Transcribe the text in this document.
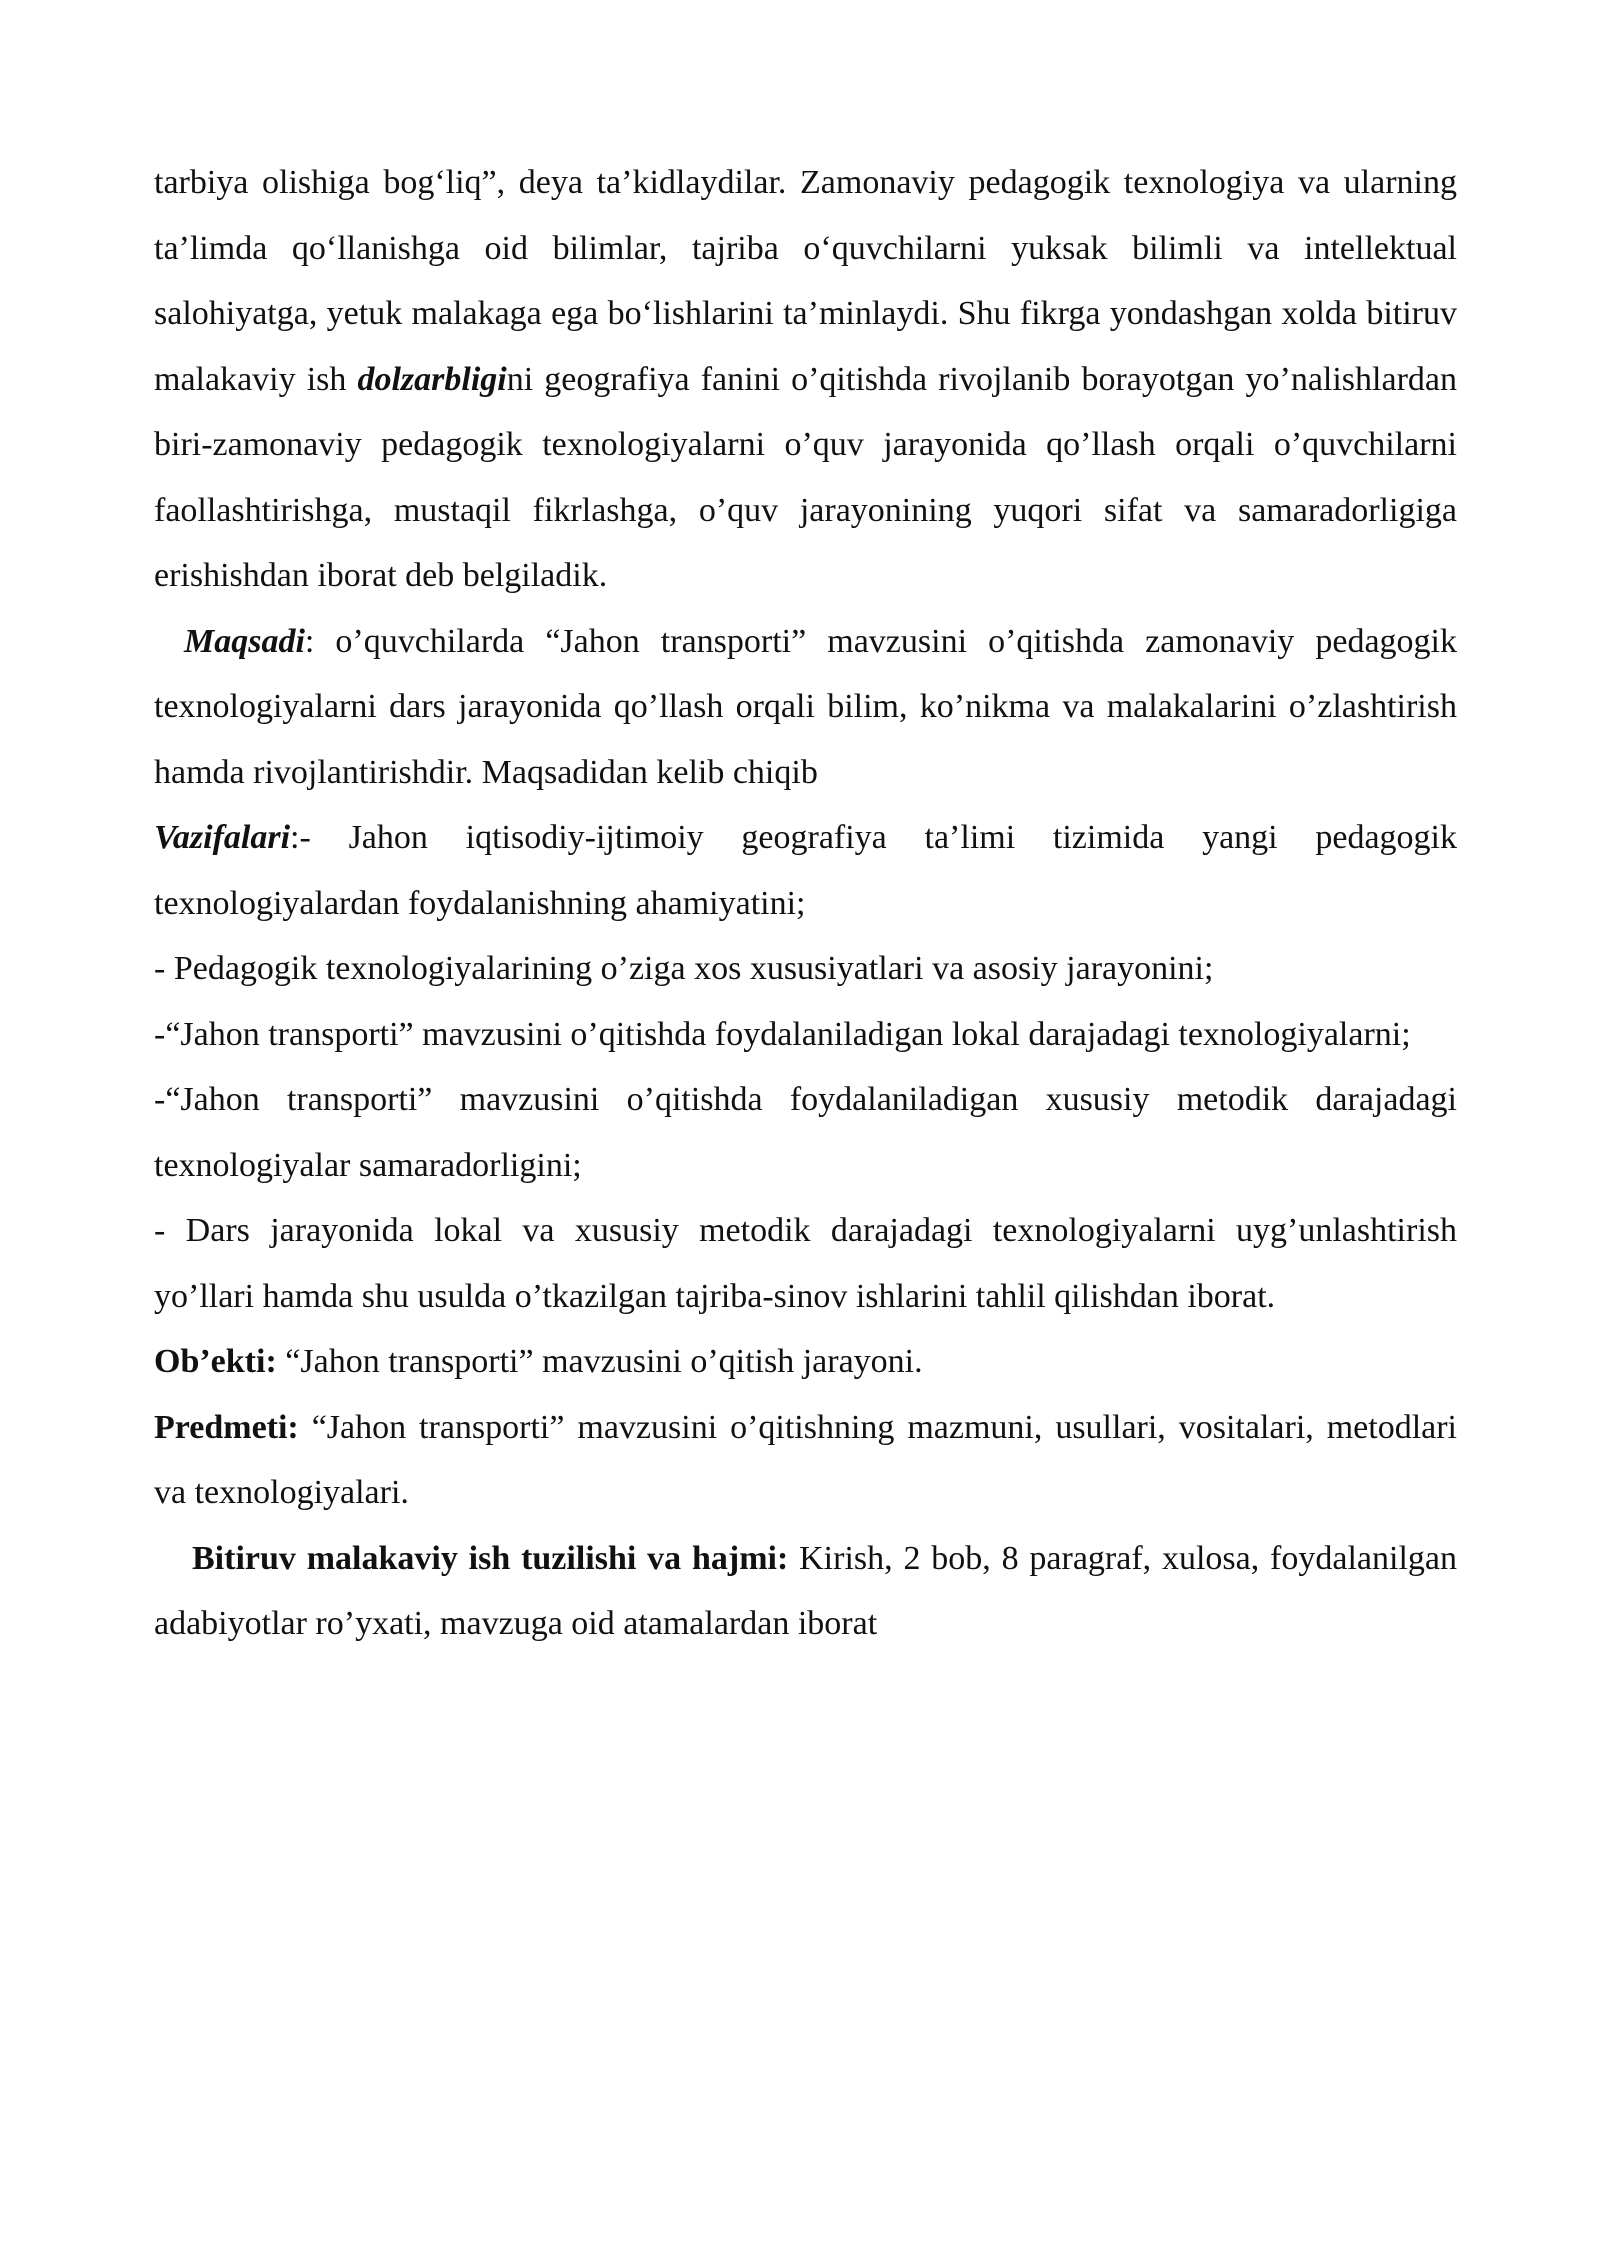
tarbiya olishiga bog‘liq”, deya ta’kidlaydilar. Zamonaviy pedagogik texnologiya va ularning ta’limda qo‘llanishga oid bilimlar, tajriba o‘quvchilarni yuksak bilimli va intellektual salohiyatga, yetuk malakaga ega bo‘lishlarini ta’minlaydi. Shu fikrga yondashgan xolda bitiruv malakaviy ish dolzarbligini geografiya fanini o’qitishda rivojlanib borayotgan yo’nalishlardan biri-zamonaviy pedagogik texnologiyalarni o’quv jarayonida qo’llash orqali o’quvchilarni faollashtirishga, mustaqil fikrlashga, o’quv jarayonining yuqori sifat va samaradorligiga erishishdan iborat deb belgiladik.

Maqsadi: o’quvchilarda “Jahon transporti” mavzusini o’qitishda zamonaviy pedagogik texnologiyalarni dars jarayonida qo’llash orqali bilim, ko’nikma va malakalarini o’zlashtirish hamda rivojlantirishdir. Maqsadidan kelib chiqib
Vazifalari:- Jahon iqtisodiy-ijtimoiy geografiya ta’limi tizimida yangi pedagogik texnologiyalardan foydalanishning ahamiyatini;

- Pedagogik texnologiyalarining o’ziga xos xususiyatlari va asosiy jarayonini;

-“Jahon transporti” mavzusini o’qitishda foydalaniladigan lokal darajadagi texnologiyalarni;

-“Jahon transporti” mavzusini o’qitishda foydalaniladigan xususiy metodik darajadagi texnologiyalar samaradorligini;

- Dars jarayonida lokal va xususiy metodik darajadagi texnologiyalarni uyg’unlashtirish yo’llari hamda shu usulda o’tkazilgan tajriba-sinov ishlarini tahlil qilishdan iborat.

Ob’ekti: “Jahon transporti” mavzusini o’qitish jarayoni.

Predmeti: “Jahon transporti” mavzusini o’qitishning mazmuni, usullari, vositalari, metodlari va texnologiyalari.

Bitiruv malakaviy ish tuzilishi va hajmi: Kirish, 2 bob, 8 paragraf, xulosa, foydalanilgan adabiyotlar ro’yxati, mavzuga oid atamalardan iborat
